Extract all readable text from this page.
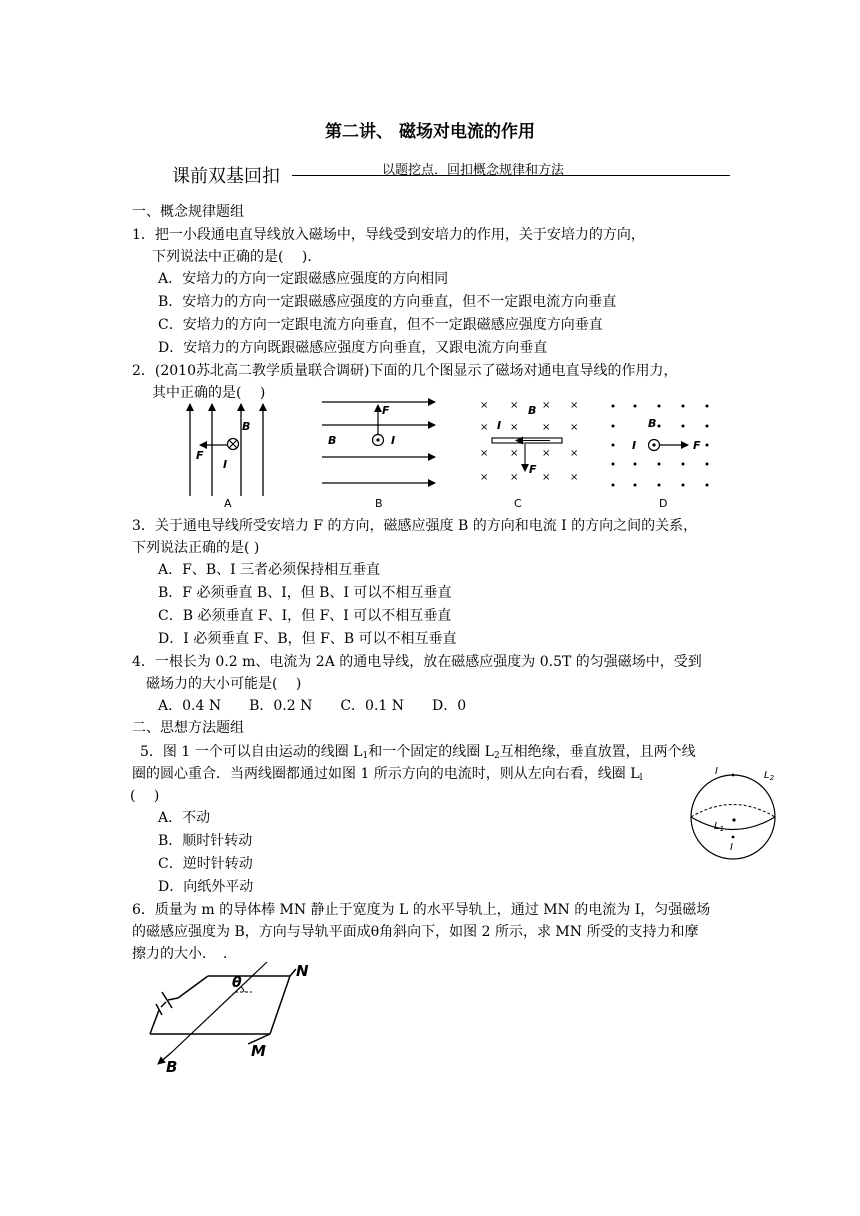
第二讲、 磁场对电流的作用
课前双基回扣	以题挖点．回扣概念规律和方法
一、概念规律题组
1．把一小段通电直导线放入磁场中，导线受到安培力的作用，关于安培力的方向，
下列说法中正确的是(　 )．
A．安培力的方向一定跟磁感应强度的方向相同
B．安培力的方向一定跟磁感应强度的方向垂直，但不一定跟电流方向垂直
C．安培力的方向一定跟电流方向垂直，但不一定跟磁感应强度方向垂直
D．安培力的方向既跟磁感应强度方向垂直，又跟电流方向垂直
2．(2010苏北高二教学质量联合调研)下面的几个图显示了磁场对通电直导线的作用力，
其中正确的是(　 )
B
F
I
A
F
B	I
B
× × × ×
× × × ×
× × × ×
× × × ×
B
I
F
C
B
I	F
D
3．关于通电导线所受安培力 F 的方向，磁感应强度 B 的方向和电流 I 的方向之间的关系，
下列说法正确的是( )
A．F、B、I 三者必须保持相互垂直
B．F 必须垂直 B、I，但 B、I 可以不相互垂直
C．B 必须垂直 F、I，但 F、I 可以不相互垂直
D．I 必须垂直 F、B，但 F、B 可以不相互垂直
4．一根长为 0.2 m、电流为 2A 的通电导线，放在磁感应强度为 0.5T 的匀强磁场中，受到
磁场力的大小可能是(　 )
A．0.4 N　　B．0.2 N　　C．0.1 N　　D．0
二、思想方法题组
5．图 1 一个可以自由运动的线圈 $L_1$和一个固定的线圈 $L_2$互相绝缘，垂直放置，且两个线
圈的圆心重合．当两线圈都通过如图 1 所示方向的电流时，则从左向右看，线圈 $L_l$
(　 )
A．不动
B．顺时针转动
C．逆时针转动
D．向纸外平动
I
I
$L_2$
$L_1$
6．质量为 m 的导体棒 MN 静止于宽度为 L 的水平导轨上，通过 MN 的电流为 I，匀强磁场
的磁感应强度为 B，方向与导轨平面成θ角斜向下，如图 2 所示，求 MN 所受的支持力和摩
擦力的大小．　．
θ
N
M
B
